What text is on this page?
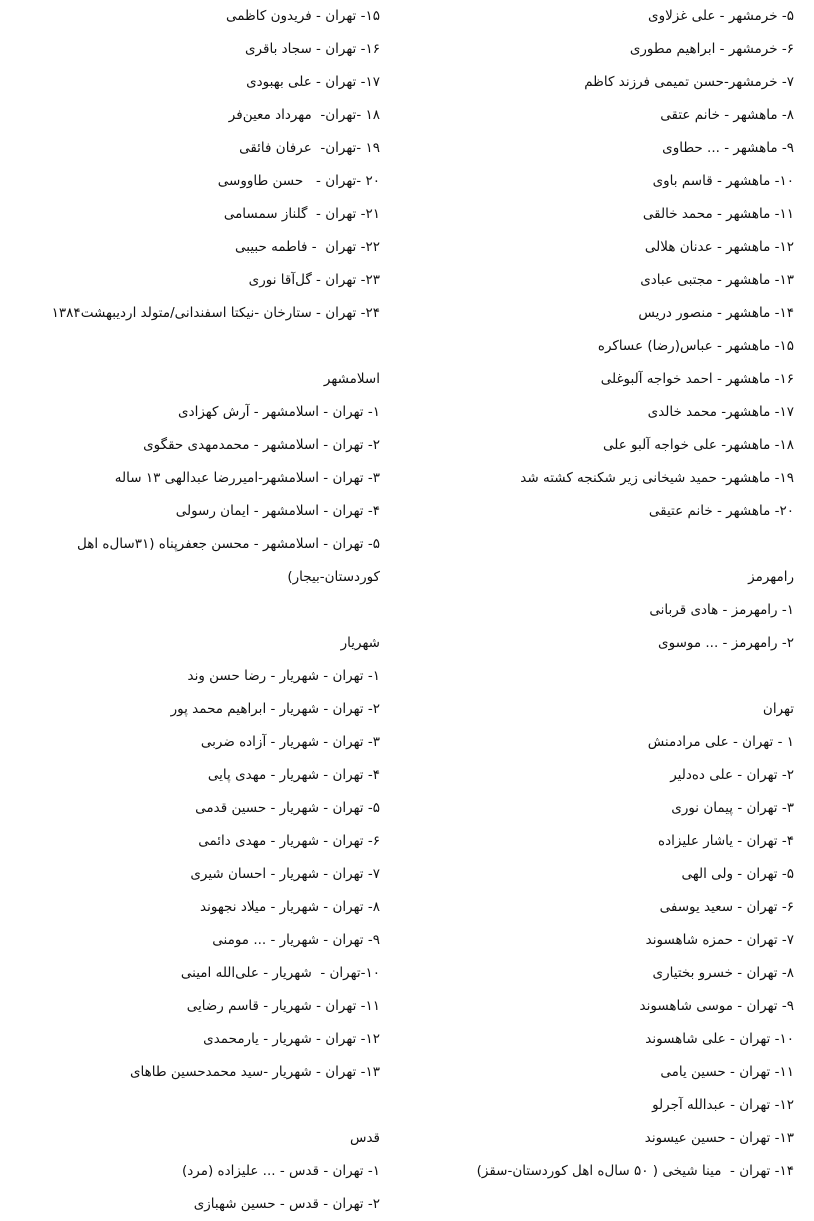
۵- خرمشهر - علی غزلاوی
۶- خرمشهر - ابراهیم مطوری
۷- خرمشهر-حسن تمیمی فرزند کاظم
۸- ماهشهر - خانم عتقی
۹- ماهشهر - ... حطاوی
۱۰- ماهشهر - قاسم باوی
۱۱- ماهشهر - محمد خالقی
۱۲- ماهشهر - عدنان هلالی
۱۳- ماهشهر - مجتبی عبادی
۱۴- ماهشهر - منصور دریس
۱۵- ماهشهر - عباس(رضا) عساکره
۱۶- ماهشهر - احمد خواجه آلبوغلی
۱۷- ماهشهر- محمد خالدی
۱۸- ماهشهر- علی خواجه آلبو علی
۱۹- ماهشهر- حمید شیخانی زیر شکنجه کشته شد
۲۰- ماهشهر - خانم عتیقی
رامهرمز
۱- رامهرمز - هادی قربانی
۲- رامهرمز - ... موسوی
تهران
۱ - تهران - علی مرادمنش
۲- تهران - علی ده‌دلیر
۳- تهران - پیمان نوری
۴- تهران - یاشار علیزاده
۵- تهران - ولی الهی
۶- تهران - سعید یوسفی
۷- تهران - حمزه شاهسوند
۸- تهران - خسرو بختیاری
۹- تهران - موسی شاهسوند
۱۰- تهران - علی شاهسوند
۱۱- تهران - حسین یامی
۱۲- تهران - عبدالله آجرلو
۱۳- تهران - حسین عیسوند
۱۴- تهران -  مینا شیخی ( ۵۰ سال‌ه اهل کوردستان-سقز)
۱۵- تهران - فریدون کاظمی
۱۶- تهران - سجاد باقری
۱۷- تهران - علی بهبودی
۱۸ -تهران-  مهرداد معین‌فر
۱۹ -تهران-  عرفان فائقی
۲۰ -تهران -   حسن طاووسی
۲۱- تهران -  گلناز سمسامی
۲۲- تهران  - فاطمه حبیبی
۲۳- تهران - گل‌آقا نوری
۲۴- تهران - ستارخان -نیکتا اسفندانی/متولد اردیبهشت۱۳۸۴
اسلامشهر
۱- تهران - اسلامشهر - آرش کهزادی
۲- تهران - اسلامشهر - محمدمهدی حقگوی
۳- تهران - اسلامشهر-امیررضا عبدالهی ۱۳ ساله
۴- تهران - اسلامشهر - ایمان رسولی
۵- تهران - اسلامشهر - محسن جعفرپناه (۳۱سال‌ه اهل
کوردستان-بیجار)
شهریار
۱- تهران - شهریار - رضا حسن وند
۲- تهران - شهریار - ابراهیم محمد پور
۳- تهران - شهریار - آزاده ضربی
۴- تهران - شهریار - مهدی پایی
۵- تهران - شهریار - حسین قدمی
۶- تهران - شهریار - مهدی دائمی
۷- تهران - شهریار - احسان شیری
۸- تهران - شهریار - میلاد نجهوند
۹- تهران - شهریار - ... مومنی
۱۰-تهران -  شهریار - علی‌الله امینی
۱۱- تهران - شهریار - قاسم رضایی
۱۲- تهران - شهریار - یارمحمدی
۱۳- تهران - شهریار -سید محمدحسین طاهای
قدس
۱- تهران - قدس - ... علیزاده (مرد)
۲- تهران - قدس - حسین شهبازی
